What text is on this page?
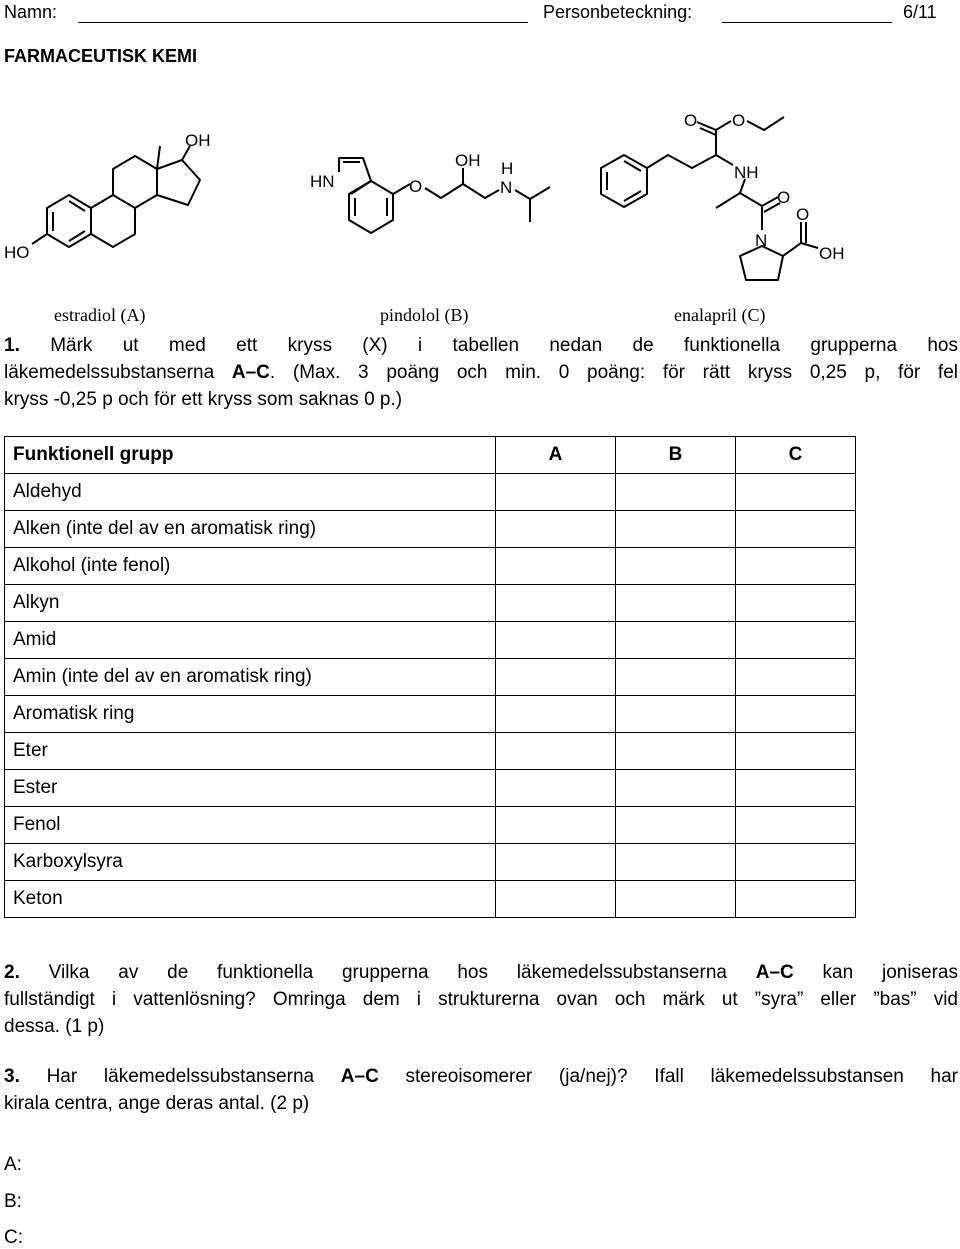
Namn:	Personbeteckning:	6/11
FARMACEUTISK KEMI
OH
HO
HN	O
OH H
N
O O
NH
O
N
O
OH
estradiol (A)	pindolol (B)	enalapril (C)
1. Märk ut med ett kryss (X) i tabellen nedan de funktionella grupperna hos
läkemedelssubstanserna A–C. (Max. 3 poäng och min. 0 poäng: för rätt kryss 0,25 p, för fel
kryss -0,25 p och för ett kryss som saknas 0 p.)
Funktionell grupp	A	B	C
Aldehyd			
Alken (inte del av en aromatisk ring)			
Alkohol (inte fenol)			
Alkyn			
Amid			
Amin (inte del av en aromatisk ring)			
Aromatisk ring			
Eter			
Ester			
Fenol			
Karboxylsyra			
Keton			
2. Vilka av de funktionella grupperna hos läkemedelssubstanserna A–C kan joniseras
fullständigt i vattenlösning? Omringa dem i strukturerna ovan och märk ut ”syra” eller ”bas” vid
dessa. (1 p)
3. Har läkemedelssubstanserna A–C stereoisomerer (ja/nej)? Ifall läkemedelssubstansen har
kirala centra, ange deras antal. (2 p)
A:
B:
C:
